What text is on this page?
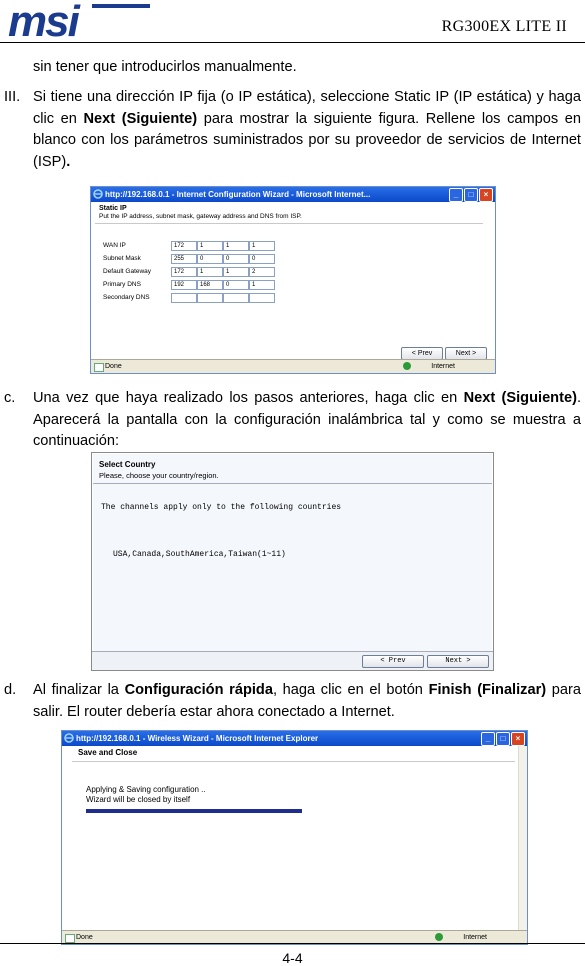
msi	RG300EX LITE II
sin tener que introducirlos manualmente.
III. Si tiene una dirección IP fija (o IP estática), seleccione Static IP (IP estática) y haga clic en Next (Siguiente) para mostrar la siguiente figura. Rellene los campos en blanco con los parámetros suministrados por su proveedor de servicios de Internet (ISP).
http://192.168.0.1 - Internet Configuration Wizard - Microsoft Internet...	_	□	×
Static IP
Put the IP address, subnet mask, gateway address and DNS from ISP.
WAN IP	172	1	1	1
Subnet Mask	255	0	0	0
Default Gateway	172	1	1	2
Primary DNS	192	168	0	1
Secondary DNS
< Prev	Next >
Done	Internet
c. Una vez que haya realizado los pasos anteriores, haga clic en Next (Siguiente). Aparecerá la pantalla con la configuración inalámbrica tal y como se muestra a continuación:
Select Country
Please, choose your country/region.
The channels apply only to the following countries
USA,Canada,SouthAmerica,Taiwan(1~11)
< Prev	Next >
d. Al finalizar la Configuración rápida, haga clic en el botón Finish (Finalizar) para salir. El router debería estar ahora conectado a Internet.
http://192.168.0.1 - Wireless Wizard - Microsoft Internet Explorer	_	□	×
Save and Close
Applying & Saving configuration ..
Wizard will be closed by itself
Done	Internet
4-4
